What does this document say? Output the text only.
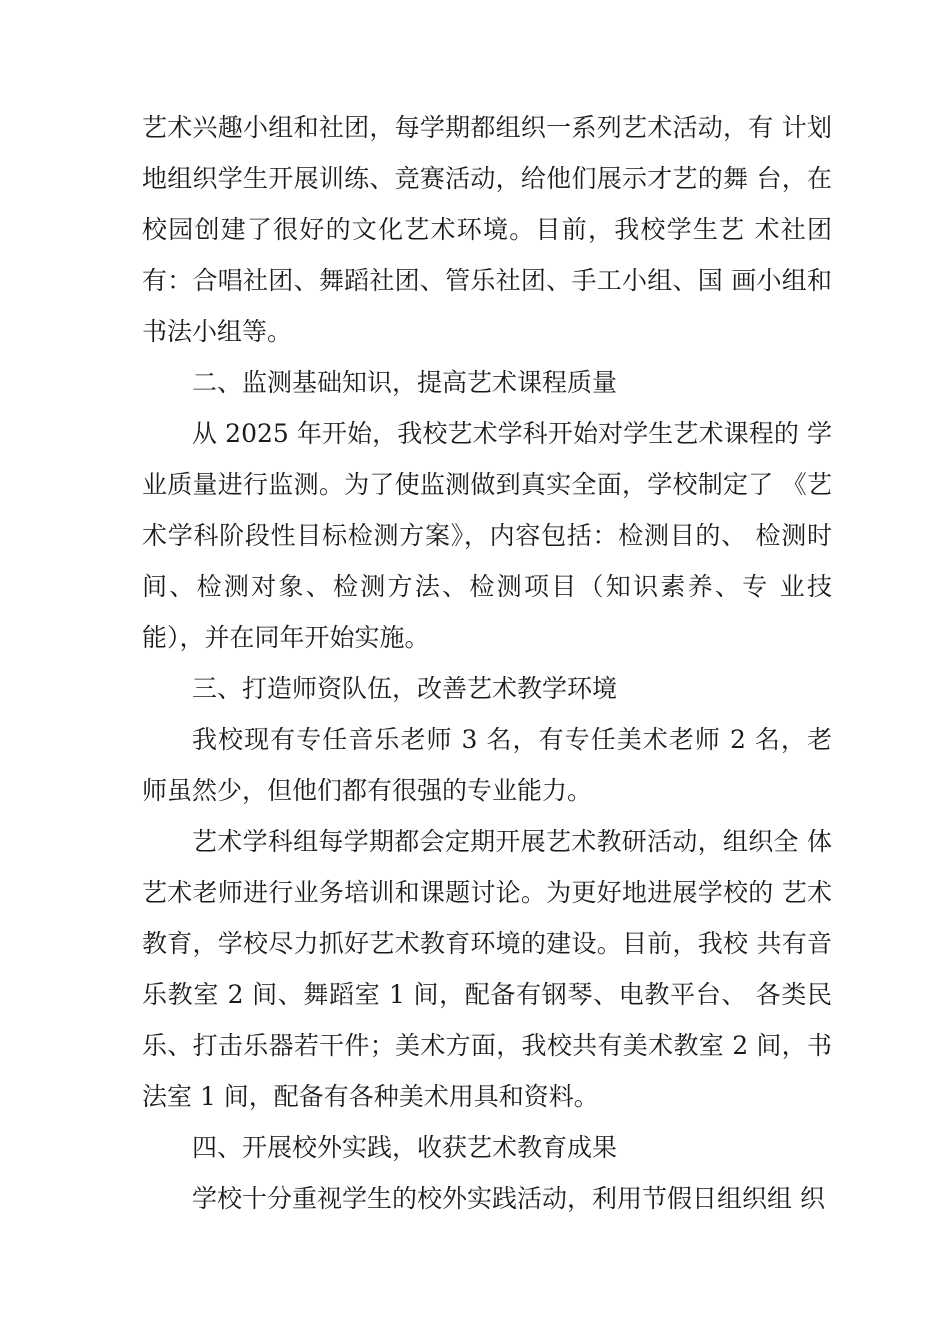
艺术兴趣小组和社团，每学期都组织一系列艺术活动，有 计划地组织学生开展训练、竞赛活动，给他们展示才艺的舞 台，在校园创建了很好的文化艺术环境。目前，我校学生艺 术社团有：合唱社团、舞蹈社团、管乐社团、手工小组、国 画小组和书法小组等。

二、监测基础知识，提高艺术课程质量

从 2025 年开始，我校艺术学科开始对学生艺术课程的 学业质量进行监测。为了使监测做到真实全面，学校制定了 《艺术学科阶段性目标检测方案》，内容包括：检测目的、 检测时间、检测对象、检测方法、检测项目（知识素养、专 业技能），并在同年开始实施。

三、打造师资队伍，改善艺术教学环境

我校现有专任音乐老师 3 名，有专任美术老师 2 名，老 师虽然少，但他们都有很强的专业能力。

艺术学科组每学期都会定期开展艺术教研活动，组织全 体艺术老师进行业务培训和课题讨论。为更好地进展学校的 艺术教育，学校尽力抓好艺术教育环境的建设。目前，我校 共有音乐教室 2 间、舞蹈室 1 间，配备有钢琴、电教平台、 各类民乐、打击乐器若干件；美术方面，我校共有美术教室 2 间，书法室 1 间，配备有各种美术用具和资料。

四、开展校外实践，收获艺术教育成果

学校十分重视学生的校外实践活动，利用节假日组织组 织
